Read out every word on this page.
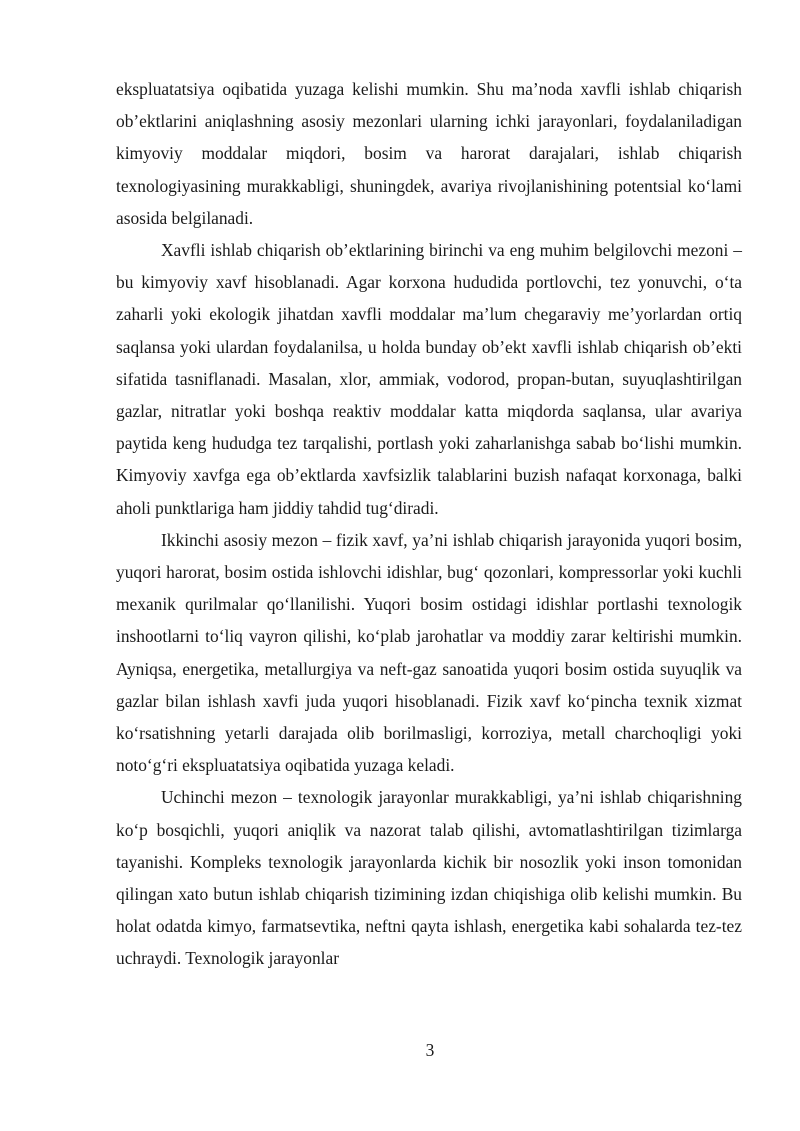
ekspluatatsiya oqibatida yuzaga kelishi mumkin. Shu ma’noda xavfli ishlab chiqarish ob’ektlarini aniqlashning asosiy mezonlari ularning ichki jarayonlari, foydalaniladigan kimyoviy moddalar miqdori, bosim va harorat darajalari, ishlab chiqarish texnologiyasining murakkabligi, shuningdek, avariya rivojlanishining potentsial ko‘lami asosida belgilanadi.

Xavfli ishlab chiqarish ob’ektlarining birinchi va eng muhim belgilovchi mezoni – bu kimyoviy xavf hisoblanadi. Agar korxona hududida portlovchi, tez yonuvchi, o‘ta zaharli yoki ekologik jihatdan xavfli moddalar ma’lum chegaraviy me’yorlardan ortiq saqlansa yoki ulardan foydalanilsa, u holda bunday ob’ekt xavfli ishlab chiqarish ob’ekti sifatida tasniflanadi. Masalan, xlor, ammiak, vodorod, propan-butan, suyuqlashtirilgan gazlar, nitratlar yoki boshqa reaktiv moddalar katta miqdorda saqlansa, ular avariya paytida keng hududga tez tarqalishi, portlash yoki zaharlanishga sabab bo‘lishi mumkin. Kimyoviy xavfga ega ob’ektlarda xavfsizlik talablarini buzish nafaqat korxonaga, balki aholi punktlariga ham jiddiy tahdid tug‘diradi.

Ikkinchi asosiy mezon – fizik xavf, ya’ni ishlab chiqarish jarayonida yuqori bosim, yuqori harorat, bosim ostida ishlovchi idishlar, bug‘ qozonlari, kompressorlar yoki kuchli mexanik qurilmalar qo‘llanilishi. Yuqori bosim ostidagi idishlar portlashi texnologik inshootlarni to‘liq vayron qilishi, ko‘plab jarohatlar va moddiy zarar keltirishi mumkin. Ayniqsa, energetika, metallurgiya va neft-gaz sanoatida yuqori bosim ostida suyuqlik va gazlar bilan ishlash xavfi juda yuqori hisoblanadi. Fizik xavf ko‘pincha texnik xizmat ko‘rsatishning yetarli darajada olib borilmasligi, korroziya, metall charchoqligi yoki noto‘g‘ri ekspluatatsiya oqibatida yuzaga keladi.

Uchinchi mezon – texnologik jarayonlar murakkabligi, ya’ni ishlab chiqarishning ko‘p bosqichli, yuqori aniqlik va nazorat talab qilishi, avtomatlashtirilgan tizimlarga tayanishi. Kompleks texnologik jarayonlarda kichik bir nosozlik yoki inson tomonidan qilingan xato butun ishlab chiqarish tizimining izdan chiqishiga olib kelishi mumkin. Bu holat odatda kimyo, farmatsevtika, neftni qayta ishlash, energetika kabi sohalarda tez-tez uchraydi. Texnologik jarayonlar

3
